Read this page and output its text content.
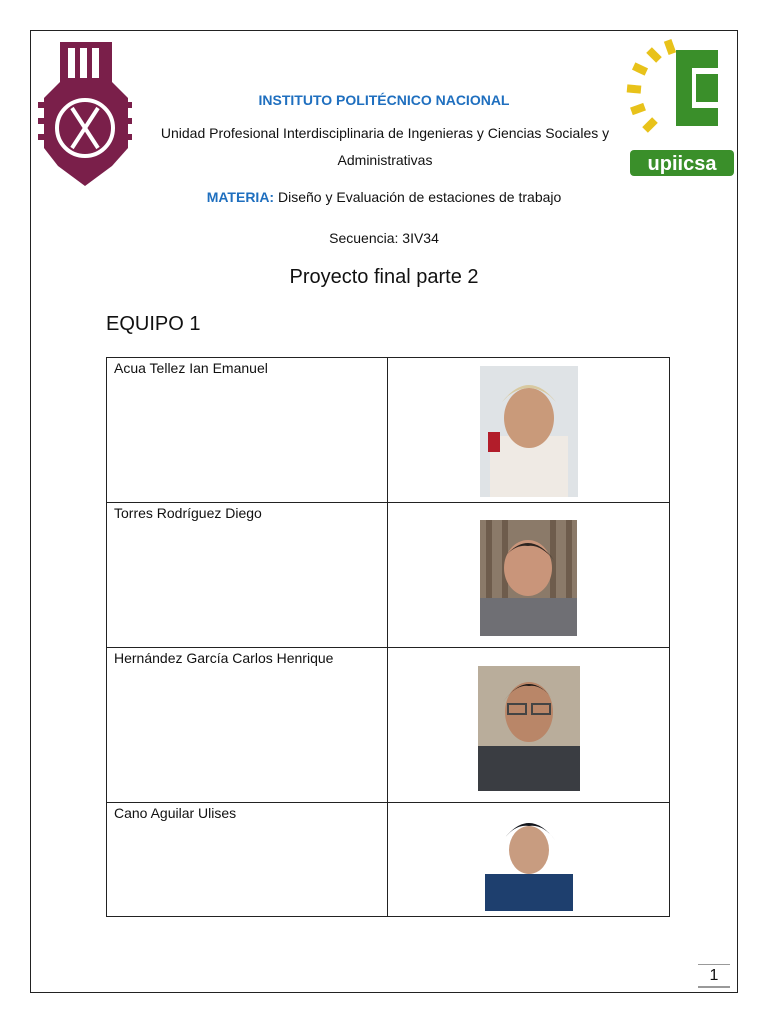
upiicsa
INSTITUTO POLITÉCNICO NACIONAL
Unidad Profesional Interdisciplinaria de Ingenieras y Ciencias Sociales y Administrativas
MATERIA: Diseño y Evaluación de estaciones de trabajo
Secuencia: 3IV34
Proyecto final parte 2
EQUIPO 1
Acua Tellez Ian Emanuel

Torres Rodríguez Diego

Hernández García Carlos Henrique

Cano Aguilar Ulises

1
